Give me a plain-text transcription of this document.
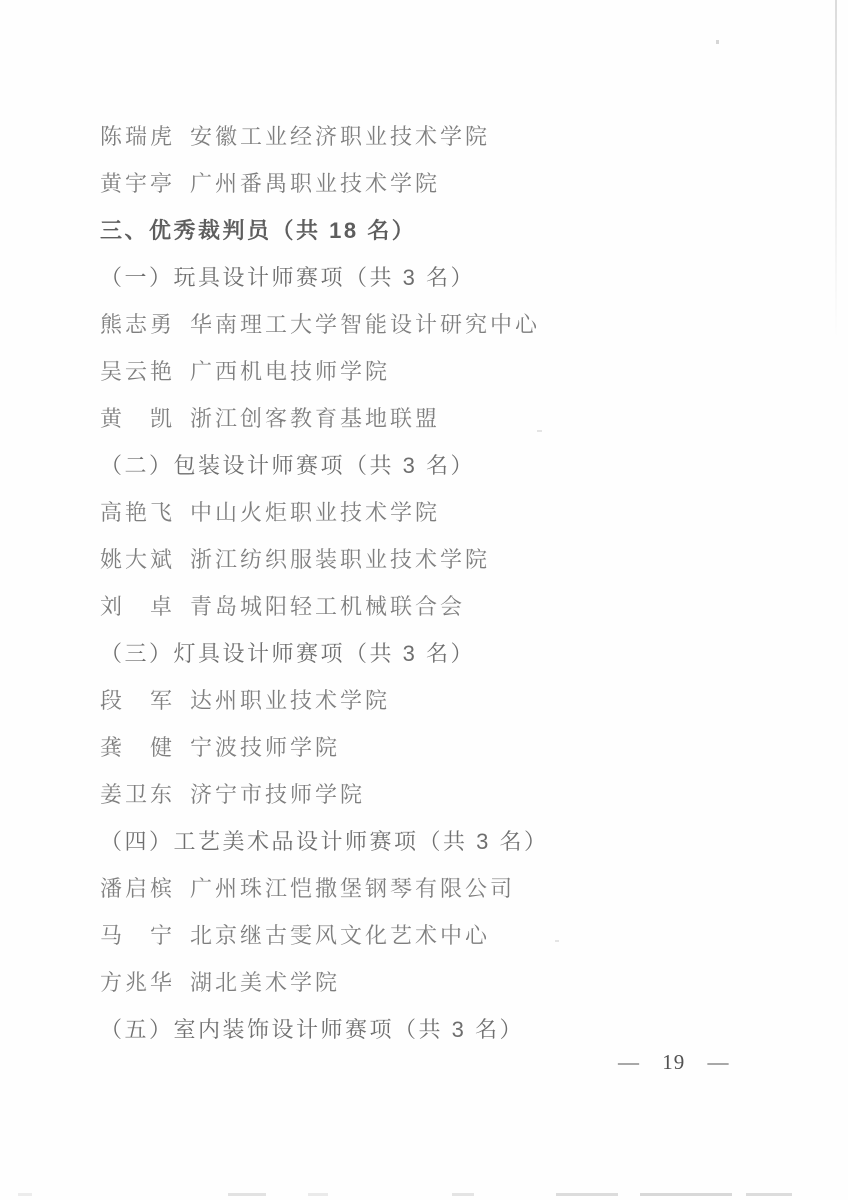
陈瑞虎 安徽工业经济职业技术学院
黄宇亭 广州番禺职业技术学院
三、优秀裁判员（共 18 名）
（一）玩具设计师赛项（共 3 名）
熊志勇 华南理工大学智能设计研究中心
吴云艳 广西机电技师学院
黄　凯 浙江创客教育基地联盟
（二）包装设计师赛项（共 3 名）
高艳飞 中山火炬职业技术学院
姚大斌 浙江纺织服装职业技术学院
刘　卓 青岛城阳轻工机械联合会
（三）灯具设计师赛项（共 3 名）
段　军 达州职业技术学院
龚　健 宁波技师学院
姜卫东 济宁市技师学院
（四）工艺美术品设计师赛项（共 3 名）
潘启槟 广州珠江恺撒堡钢琴有限公司
马　宁 北京继古雯风文化艺术中心
方兆华 湖北美术学院
（五）室内装饰设计师赛项（共 3 名）
— 19 —
